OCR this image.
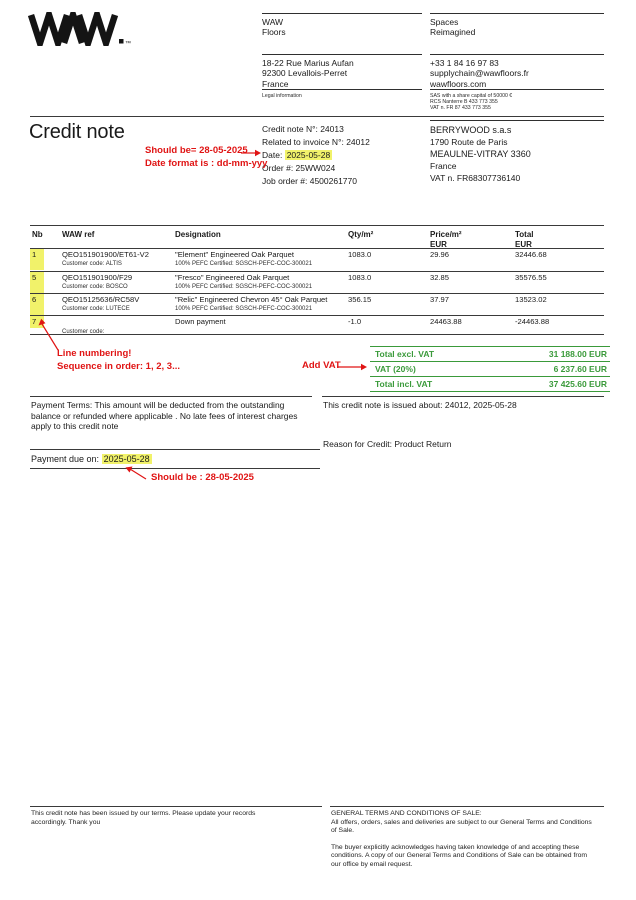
™
WAW
Floors
Spaces
Reimagined
18-22 Rue Marius Aufan
92300 Levallois-Perret
France
+33 1 84 16 97 83
supplychain@wawfloors.fr
wawfloors.com
Legal information	SAS with a share capital of 50000 €
RCS Nanterre B 433 773 355
VAT n. FR 87 433 773 355
Credit note	Credit note N°: 24013
Related to invoice N°: 24012
Date: 2025-05-28
Order #: 25WW024
Job order #: 4500261770
Should be= 28-05-2025
Date format is : dd-mm-yyy
BERRYWOOD s.a.s
1790 Route de Paris
MEAULNE-VITRAY 3360
France
VAT n. FR68307736140
Nb WAW ref	Designation	Qty/m²	Price/m²
EUR
Total
EUR
1	QEO151901900/ET61-V2
Customer code: ALTIS
"Element" Engineered Oak Parquet
100% PEFC Certified: SGSCH-PEFC-COC-300021
1083.0	29.96	32446.68
5	QEO151901900/F29
Customer code: BOSCO
"Fresco" Engineered Oak Parquet
100% PEFC Certified: SGSCH-PEFC-COC-300021
1083.0	32.85	35576.55
6	QEO15125636/RC58V
Customer code: LUTECE
"Relic" Engineered Chevron 45° Oak Parquet
100% PEFC Certified: SGSCH-PEFC-COC-300021
356.15	37.97	13523.02
7
Customer code:
Down payment	-1.0	24463.88	-24463.88
Line numbering!
Sequence in order: 1, 2, 3...
Total excl. VAT	31 188.00 EUR
VAT (20%)	6 237.60 EUR
Total incl. VAT	37 425.60 EUR
Add VAT
Payment Terms: This amount will be deducted from the outstanding balance or refunded where applicable . No late fees of interest charges apply to this credit note
This credit note is issued about: 24012, 2025-05-28
Reason for Credit: Product Return
Payment due on: 2025-05-28
Should be : 28-05-2025
This credit note has been issued by our terms. Please update your records accordingly. Thank you
GENERAL TERMS AND CONDITIONS OF SALE:
All offers, orders, sales and deliveries are subject to our General Terms and Conditions of Sale.
The buyer explicitly acknowledges having taken knowledge of and accepting these conditions. A copy of our General Terms and Conditions of Sale can be obtained from our office by email request.
